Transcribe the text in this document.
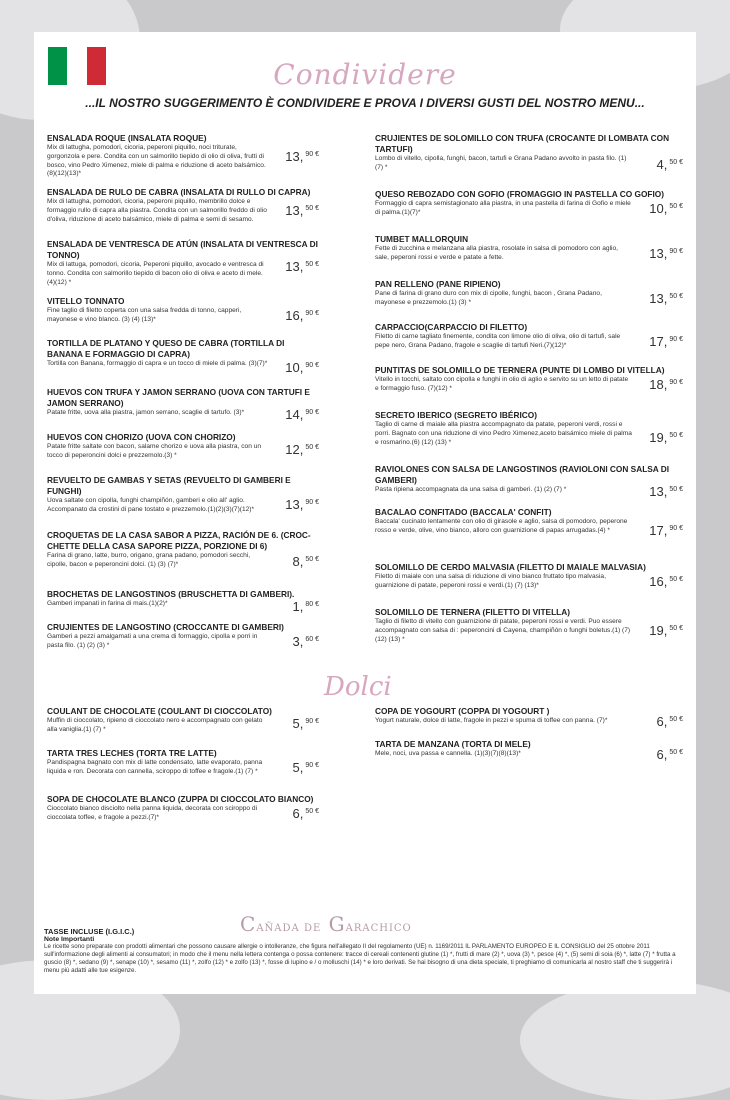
Condividere
...IL NOSTRO SUGGERIMENTO È CONDIVIDERE E PROVA I DIVERSI GUSTI DEL NOSTRO MENU...
ENSALADA ROQUE (INSALATA ROQUE)
Mix di lattugha, pomodori, cicoria, peperoni piquillo, noci triturate, gorgonzola e pere. Condita con un salmorillo tiepido di olio di oliva, frutti di bosco, vino Pedro Ximenez, miele di palma e riduzione di aceto balsámico. (8)(12)(13)*
13, $^{90 €}$
ENSALADA DE RULO DE CABRA (INSALATA DI RULLO DI CAPRA)
Mix di lattugha, pomodori, cicoria, peperoni piquillo, membrillo dolce e formaggio rullo di capra alla piastra. Condita con un salmorillo freddo di olio d'oliva, riduzione di aceto balsámico, miele di palma e semi di sesamo.
13, $^{50 €}$
ENSALADA DE VENTRESCA DE ATÚN (INSALATA DI VENTRESCA DI TONNO)
Mix di lattuga, pomodori, cicoria, Peperoni piquillo, avocado e ventresca di tonno. Condita con salmorillo tiepido di bacon olio di oliva e aceto di mele. (4)(12) *
13, $^{50 €}$
VITELLO TONNATO
Fine taglio di filetto coperta con una salsa fredda di tonno, capperi, mayonese e vino blanco. (3) (4) (13)*	16, $^{90 €}$
TORTILLA DE PLATANO Y QUESO DE CABRA (TORTILLA DI BANANA E FORMAGGIO DI CAPRA)
Tortilla con Banana, formaggio di capra e un tocco di miele di palma. (3)(7)*	10, $^{90 €}$
HUEVOS CON TRUFA Y JAMON SERRANO (UOVA CON TARTUFI E JAMON SERRANO)
Patate fritte, uova alla piastra, jamon serrano, scaglie di tartufo. (3)*	14, $^{90 €}$
HUEVOS CON CHORIZO (UOVA CON CHORIZO)
Patate fritte saltate con bacon, salame chorizo e uova alla piastra, con un tocco di peperoncini dolci e prezzemolo.(3) *	12, $^{50 €}$
REVUELTO DE GAMBAS Y SETAS (REVUELTO DI GAMBERI E FUNGHI)
Uova saltate con cipolla, funghi champiñón, gamberi e olio all' aglio. Accompanato da crostini di pane tostato e prezzemolo.(1)(2)(3)(7)(12)*	13, $^{90 €}$
CROQUETAS DE LA CASA SABOR A PIZZA, RACIÓN DE 6. (CROC-CHETTE DELLA CASA SAPORE PIZZA, PORZIONE DI 6)
Farina di grano, latte, burro, origano, grana padano, pomodori secchi, cipolle, bacon e peperoncini dolci. (1) (3) (7)*	8, $^{50 €}$
BROCHETAS DE LANGOSTINOS (BRUSCHETTA DI GAMBERI).
Gamberi impanati in farina di mais.(1)(2)*	1, $^{80 €}$
CRUJIENTES DE LANGOSTINO (CROCCANTE DI GAMBERI)
Gamberi a pezzi amalgamati a una crema di formaggio, cipolla e porri in pasta filo. (1) (2) (3) *	3, $^{60 €}$
CRUJIENTES DE SOLOMILLO CON TRUFA (CROCANTE DI LOMBATA CON TARTUFI)
Lombo di vitello, cipolla, funghi, bacon, tartufi e Grana Padano avvolto in pasta filo. (1) (7) *	4, $^{50 €}$
QUESO REBOZADO CON GOFIO (FROMAGGIO IN PASTELLA CO GOFIO)
Formaggio di capra semistagionato alla piastra, in una pastella di farina di Gofio e miele di palma.(1)(7)*	10, $^{50 €}$
TUMBET MALLORQUIN
Fette di zucchina e melanzana alla piastra, rosolate in salsa di pomodoro con aglio, sale, peperoni rossi e verde e patate a fette.	13, $^{90 €}$
PAN RELLENO (PANE RIPIENO)
Pane di farina di grano duro con mix di cipolle, funghi, bacon , Grana Padano, mayonese e prezzemolo.(1) (3) *	13, $^{50 €}$
CARPACCIO(CARPACCIO DI FILETTO)
Filetto di carne tagliato finemente, condita con limone olio di oliva, olio di tartufi, sale pepe nero, Grana Padano, fragole e scaglie di tartufi Neri.(7)(12)*	17, $^{90 €}$
PUNTITAS DE SOLOMILLO DE TERNERA (PUNTE DI LOMBO DI VITELLA)
Vitello in tocchi, saltato con cipolla e funghi in olio di aglio e servito su un letto di patate e formaggio fuso. (7)(12) *	18, $^{90 €}$
SECRETO IBERICO (SEGRETO IBÉRICO)
Taglio di carne di maiale alla piastra accompagnato da patate, peperoni verdi, rossi e porri. Bagnato con una riduzione di vino Pedro Ximenez,aceto balsámico miele di palma e rosmarino.(6) (12) (13) *	19, $^{50 €}$
RAVIOLONES CON SALSA DE LANGOSTINOS (RAVIOLONI CON SALSA DI GAMBERI)
Pasta ripiena accompagnata da una salsa di gamberi. (1) (2) (7) *	13, $^{50 €}$
BACALAO CONFITADO (BACCALA' CONFIT)
Baccala' cucinato lentamente con olio di girasole e aglio, salsa di pomodoro, peperone rosso e verde, olive, vino bianco, alloro con guarnizione di papas arrugadas.(4) *	17, $^{90 €}$
SOLOMILLO DE CERDO MALVASIA (FILETTO DI MAIALE MALVASIA)
Filetto di maiale con una salsa di riduzione di vino bianco fruttato tipo malvasia, guarnizione di patate, peperoni rossi e verdi.(1) (7) (13)*	16, $^{50 €}$
SOLOMILLO DE TERNERA (FILETTO DI VITELLA)
Taglio di filetto di vitello con guarnizione di patate, peperoni rossi e verdi. Puo essere accompagnato con salsa di : peperoncini di Cayena, champiñón o funghi boletus.(1) (7) (12) (13) *
19, $^{50 €}$
Dolci
COULANT DE CHOCOLATE (COULANT DI CIOCCOLATO)
Muffin di cioccolato, ripieno di cioccolato nero e accompagnato con gelato alla vaniglia.(1) (7) *	5, $^{90 €}$
TARTA TRES LECHES (TORTA TRE LATTE)
Pandispagna bagnato con mix di latte condensato, latte evaporato, panna liquida e ron. Decorata con cannella, sciroppo di toffee e fragole.(1) (7) *	5, $^{90 €}$
SOPA DE CHOCOLATE BLANCO (ZUPPA DI CIOCCOLATO BIANCO)
Cioccolato bianco disciolto nella panna liquida, decorata con sciroppo di cioccolata toffee, e fragole a pezzi.(7)*	6, $^{50 €}$
COPA DE YOGOURT (COPPA DI YOGOURT )
Yogurt naturale, dolce di latte, fragole in pezzi e spuma di toffee con panna. (7)*	6, $^{50 €}$
TARTA DE MANZANA (TORTA DI MELE)
Mele, noci, uva passa e cannella. (1)(3)(7)(8)(13)*	6, $^{50 €}$
CAÑADA DE GARACHICO
TASSE INCLUSE (I.G.I.C.)
Note Importanti
Le ricette sono preparate con prodotti alimentari che possono causare allergie o intolleranze, che figura nell'allegato II del regolamento (UE) n. 1169/2011 IL PARLAMENTO EUROPEO E IL CONSIGLIO del 25 ottobre 2011 sull'informazione degli alimenti ai consumatori; in modo che il menu nella lettera contenga o possa contenere: tracce di cereali contenenti glutine (1) *, frutti di mare (2) *, uova (3) *, pesce (4) *, (5) semi di soia (6) *, latte (7) * frutta a guscio (8) *, sedano (9) *, senape (10) *, sesamo (11) *, zolfo (12) * e zolfo (13) *, fosse di lupino e / o molluschi (14) * e loro derivati. Se hai bisogno di una dieta speciale, ti preghiamo di comunicarla al nostro staff che ti suggerirà i menu più adatti alle tue esigenze.
